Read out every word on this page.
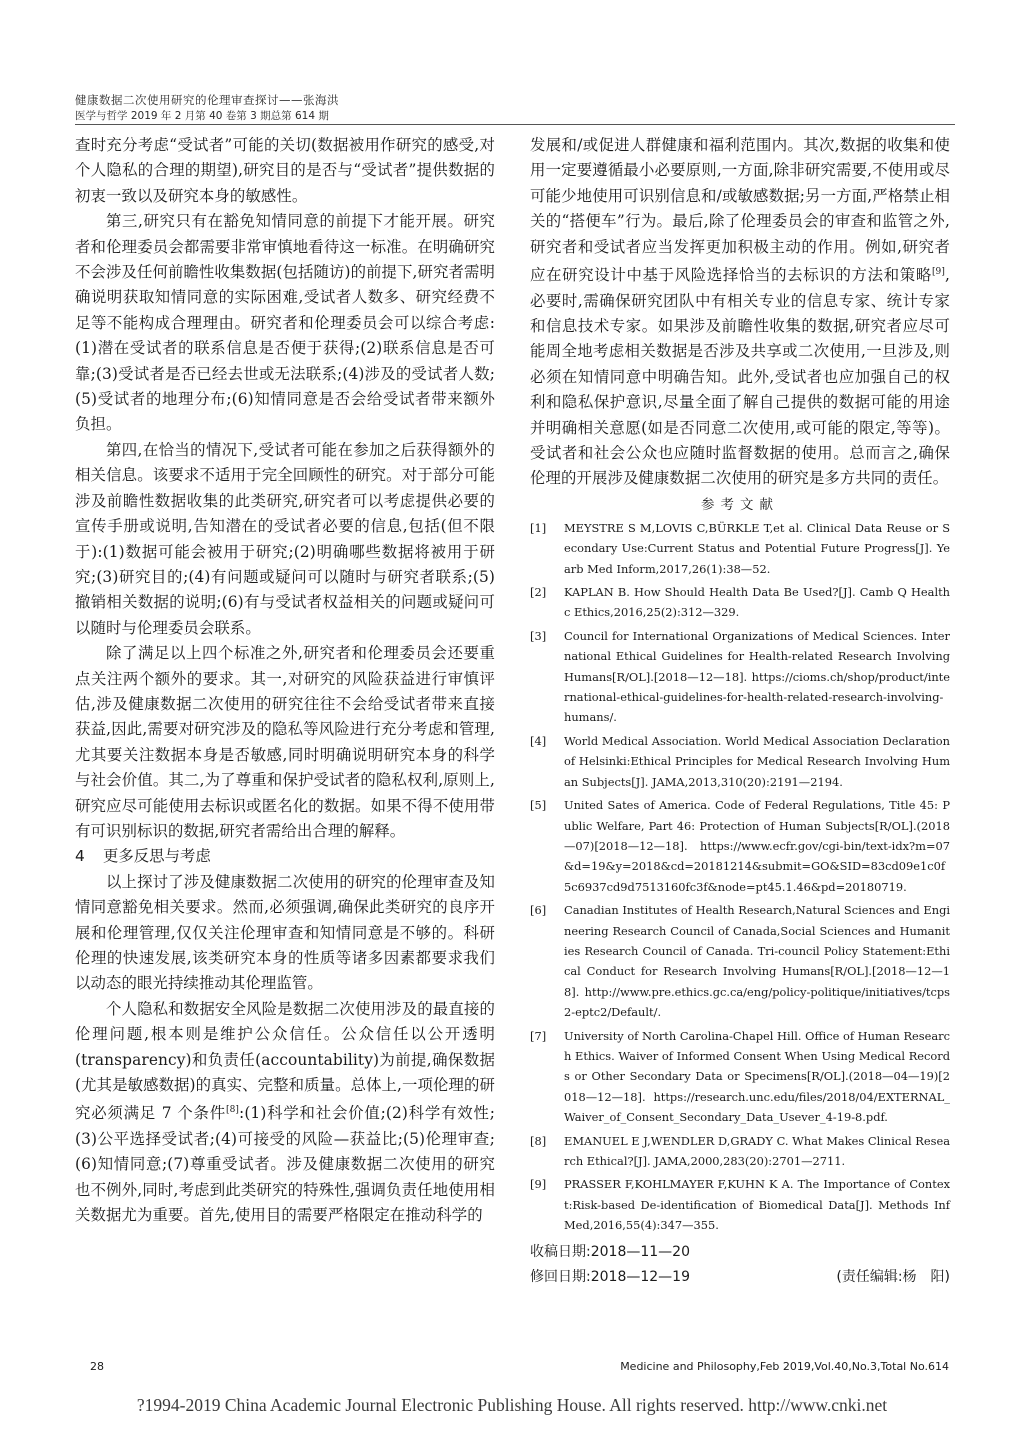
健康数据二次使用研究的伦理审查探讨——张海洪
医学与哲学 2019 年 2 月第 40 卷第 3 期总第 614 期

查时充分考虑“受试者”可能的关切(数据被用作研究的感受,对个人隐私的合理的期望),研究目的是否与“受试者”提供数据的初衷一致以及研究本身的敏感性。

第三,研究只有在豁免知情同意的前提下才能开展。研究者和伦理委员会都需要非常审慎地看待这一标准。在明确研究不会涉及任何前瞻性收集数据(包括随访)的前提下,研究者需明确说明获取知情同意的实际困难,受试者人数多、研究经费不足等不能构成合理理由。研究者和伦理委员会可以综合考虑:(1)潜在受试者的联系信息是否便于获得;(2)联系信息是否可靠;(3)受试者是否已经去世或无法联系;(4)涉及的受试者人数;(5)受试者的地理分布;(6)知情同意是否会给受试者带来额外负担。

第四,在恰当的情况下,受试者可能在参加之后获得额外的相关信息。该要求不适用于完全回顾性的研究。对于部分可能涉及前瞻性数据收集的此类研究,研究者可以考虑提供必要的宣传手册或说明,告知潜在的受试者必要的信息,包括(但不限于):(1)数据可能会被用于研究;(2)明确哪些数据将被用于研究;(3)研究目的;(4)有问题或疑问可以随时与研究者联系;(5)撤销相关数据的说明;(6)有与受试者权益相关的问题或疑问可以随时与伦理委员会联系。

除了满足以上四个标准之外,研究者和伦理委员会还要重点关注两个额外的要求。其一,对研究的风险获益进行审慎评估,涉及健康数据二次使用的研究往往不会给受试者带来直接获益,因此,需要对研究涉及的隐私等风险进行充分考虑和管理,尤其要关注数据本身是否敏感,同时明确说明研究本身的科学与社会价值。其二,为了尊重和保护受试者的隐私权利,原则上,研究应尽可能使用去标识或匿名化的数据。如果不得不使用带有可识别标识的数据,研究者需给出合理的解释。

4 更多反思与考虑

以上探讨了涉及健康数据二次使用的研究的伦理审查及知情同意豁免相关要求。然而,必须强调,确保此类研究的良序开展和伦理管理,仅仅关注伦理审查和知情同意是不够的。科研伦理的快速发展,该类研究本身的性质等诸多因素都要求我们以动态的眼光持续推动其伦理监管。

个人隐私和数据安全风险是数据二次使用涉及的最直接的伦理问题,根本则是维护公众信任。公众信任以公开透明(transparency)和负责任(accountability)为前提,确保数据(尤其是敏感数据)的真实、完整和质量。总体上,一项伦理的研究必须满足 7 个条件[8]:(1)科学和社会价值;(2)科学有效性;(3)公平选择受试者;(4)可接受的风险—获益比;(5)伦理审查;(6)知情同意;(7)尊重受试者。涉及健康数据二次使用的研究也不例外,同时,考虑到此类研究的特殊性,强调负责任地使用相关数据尤为重要。首先,使用目的需要严格限定在推动科学的

发展和/或促进人群健康和福利范围内。其次,数据的收集和使用一定要遵循最小必要原则,一方面,除非研究需要,不使用或尽可能少地使用可识别信息和/或敏感数据;另一方面,严格禁止相关的“搭便车”行为。最后,除了伦理委员会的审查和监管之外,研究者和受试者应当发挥更加积极主动的作用。例如,研究者应在研究设计中基于风险选择恰当的去标识的方法和策略[9],必要时,需确保研究团队中有相关专业的信息专家、统计专家和信息技术专家。如果涉及前瞻性收集的数据,研究者应尽可能周全地考虑相关数据是否涉及共享或二次使用,一旦涉及,则必须在知情同意中明确告知。此外,受试者也应加强自己的权利和隐私保护意识,尽量全面了解自己提供的数据可能的用途并明确相关意愿(如是否同意二次使用,或可能的限定,等等)。受试者和社会公众也应随时监督数据的使用。总而言之,确保伦理的开展涉及健康数据二次使用的研究是多方共同的责任。

参考文献
[1]	MEYSTRE S M,LOVIS C,BÜRKLE T,et al. Clinical Data Reuse or Secondary Use:Current Status and Potential Future Progress[J]. Yearb Med Inform,2017,26(1):38—52.
[2]	KAPLAN B. How Should Health Data Be Used?[J]. Camb Q Healthc Ethics,2016,25(2):312—329.
[3]	Council for International Organizations of Medical Sciences. International Ethical Guidelines for Health-related Research Involving Humans[R/OL].[2018—12—18]. https://cioms.ch/shop/product/international-ethical-guidelines-for-health-related-research-involving-humans/.
[4]	World Medical Association. World Medical Association Declaration of Helsinki:Ethical Principles for Medical Research Involving Human Subjects[J]. JAMA,2013,310(20):2191—2194.
[5]	United Sates of America. Code of Federal Regulations, Title 45: Public Welfare, Part 46: Protection of Human Subjects[R/OL].(2018—07)[2018—12—18]. https://www.ecfr.gov/cgi-bin/text-idx?m=07&d=19&y=2018&cd=20181214&submit=GO&SID=83cd09e1c0f5c6937cd9d7513160fc3f&node=pt45.1.46&pd=20180719.
[6]	Canadian Institutes of Health Research,Natural Sciences and Engineering Research Council of Canada,Social Sciences and Humanities Research Council of Canada. Tri-council Policy Statement:Ethical Conduct for Research Involving Humans[R/OL].[2018—12—18]. http://www.pre.ethics.gc.ca/eng/policy-politique/initiatives/tcps2-eptc2/Default/.
[7]	University of North Carolina-Chapel Hill. Office of Human Research Ethics. Waiver of Informed Consent When Using Medical Records or Other Secondary Data or Specimens[R/OL].(2018—04—19)[2018—12—18]. https://research.unc.edu/files/2018/04/EXTERNAL_Waiver_of_Consent_Secondary_Data_Usever_4-19-8.pdf.
[8]	EMANUEL E J,WENDLER D,GRADY C. What Makes Clinical Research Ethical?[J]. JAMA,2000,283(20):2701—2711.
[9]	PRASSER F,KOHLMAYER F,KUHN K A. The Importance of Context:Risk-based De-identification of Biomedical Data[J]. Methods Inf Med,2016,55(4):347—355.
收稿日期:2018—11—20
修回日期:2018—12—19	(责任编辑:杨　阳)
28	Medicine and Philosophy,Feb 2019,Vol.40,No.3,Total No.614
?1994-2019 China Academic Journal Electronic Publishing House. All rights reserved. http://www.cnki.net
